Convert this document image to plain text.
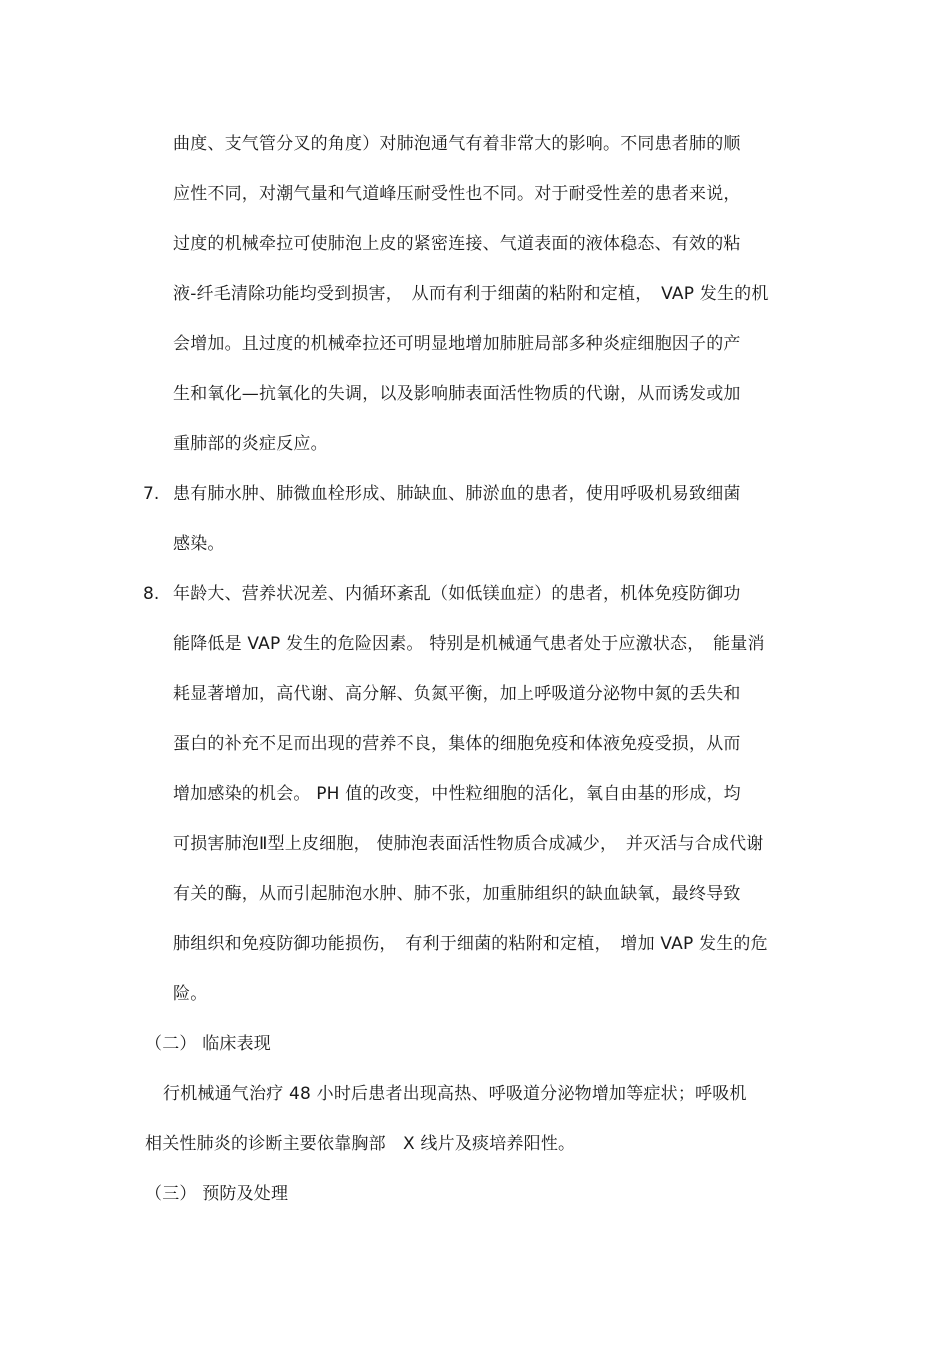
曲度、支气管分叉的角度）对肺泡通气有着非常大的影响。不同患者肺的顺
应性不同，对潮气量和气道峰压耐受性也不同。对于耐受性差的患者来说，
过度的机械牵拉可使肺泡上皮的紧密连接、气道表面的液体稳态、有效的粘
液-纤毛清除功能均受到损害，　从而有利于细菌的粘附和定植，　VAP 发生的机
会增加。且过度的机械牵拉还可明显地增加肺脏局部多种炎症细胞因子的产
生和氧化—抗氧化的失调，以及影响肺表面活性物质的代谢，从而诱发或加
重肺部的炎症反应。
7. 患有肺水肿、肺微血栓形成、肺缺血、肺淤血的患者，使用呼吸机易致细菌
感染。
8. 年龄大、营养状况差、内循环紊乱（如低镁血症）的患者，机体免疫防御功
能降低是 VAP 发生的危险因素。 特别是机械通气患者处于应激状态，　能量消
耗显著增加，高代谢、高分解、负氮平衡，加上呼吸道分泌物中氮的丢失和
蛋白的补充不足而出现的营养不良，集体的细胞免疫和体液免疫受损，从而
增加感染的机会。 PH 值的改变，中性粒细胞的活化，氧自由基的形成，均
可损害肺泡Ⅱ型上皮细胞， 使肺泡表面活性物质合成减少，　并灭活与合成代谢
有关的酶，从而引起肺泡水肿、肺不张，加重肺组织的缺血缺氧，最终导致
肺组织和免疫防御功能损伤，　有利于细菌的粘附和定植，　增加 VAP 发生的危
险。
（二） 临床表现
行机械通气治疗 48 小时后患者出现高热、呼吸道分泌物增加等症状；呼吸机
相关性肺炎的诊断主要依靠胸部　X 线片及痰培养阳性。
（三） 预防及处理
